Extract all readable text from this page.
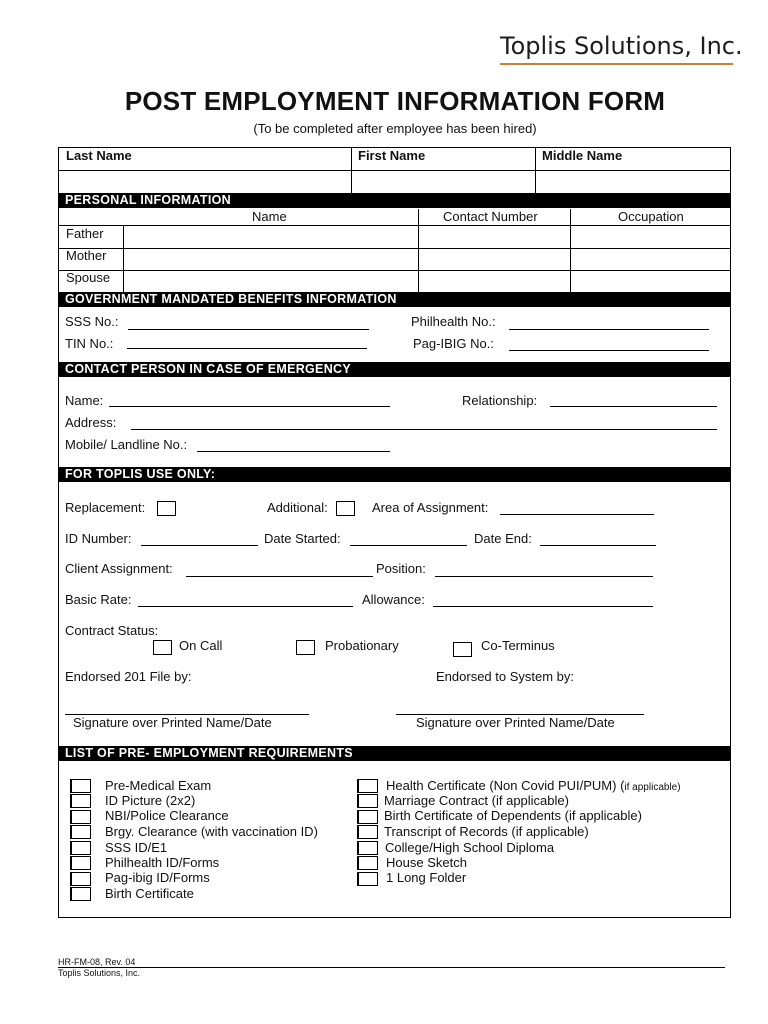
Toplis Solutions, Inc.
POST EMPLOYMENT INFORMATION FORM
(To be completed after employee has been hired)
Last Name	First Name	Middle Name
PERSONAL INFORMATION
Name	Contact Number	Occupation
Father
Mother
Spouse
GOVERNMENT MANDATED BENEFITS INFORMATION
SSS No.:	Philhealth No.:
TIN No.:	Pag-IBIG No.:
CONTACT PERSON IN CASE OF EMERGENCY
Name:	Relationship:
Address:
Mobile/ Landline No.:
FOR TOPLIS USE ONLY:
Replacement:	Additional:	Area of Assignment:
ID Number:	Date Started:	Date End:
Client Assignment:	Position:
Basic Rate:	Allowance:
Contract Status:
On Call	Probationary	Co-Terminus
Endorsed 201 File by:	Endorsed to System by:
Signature over Printed Name/Date	Signature over Printed Name/Date
LIST OF PRE- EMPLOYMENT REQUIREMENTS
Pre-Medical Exam
ID Picture (2x2)
NBI/Police Clearance
Brgy. Clearance (with vaccination ID)
SSS ID/E1
Philhealth ID/Forms
Pag-ibig ID/Forms
Birth Certificate
Health Certificate (Non Covid PUI/PUM) (if applicable)
Marriage Contract (if applicable)
Birth Certificate of Dependents (if applicable)
Transcript of Records (if applicable)
College/High School Diploma
House Sketch
1 Long Folder
HR-FM-08, Rev. 04
Toplis Solutions, Inc.
